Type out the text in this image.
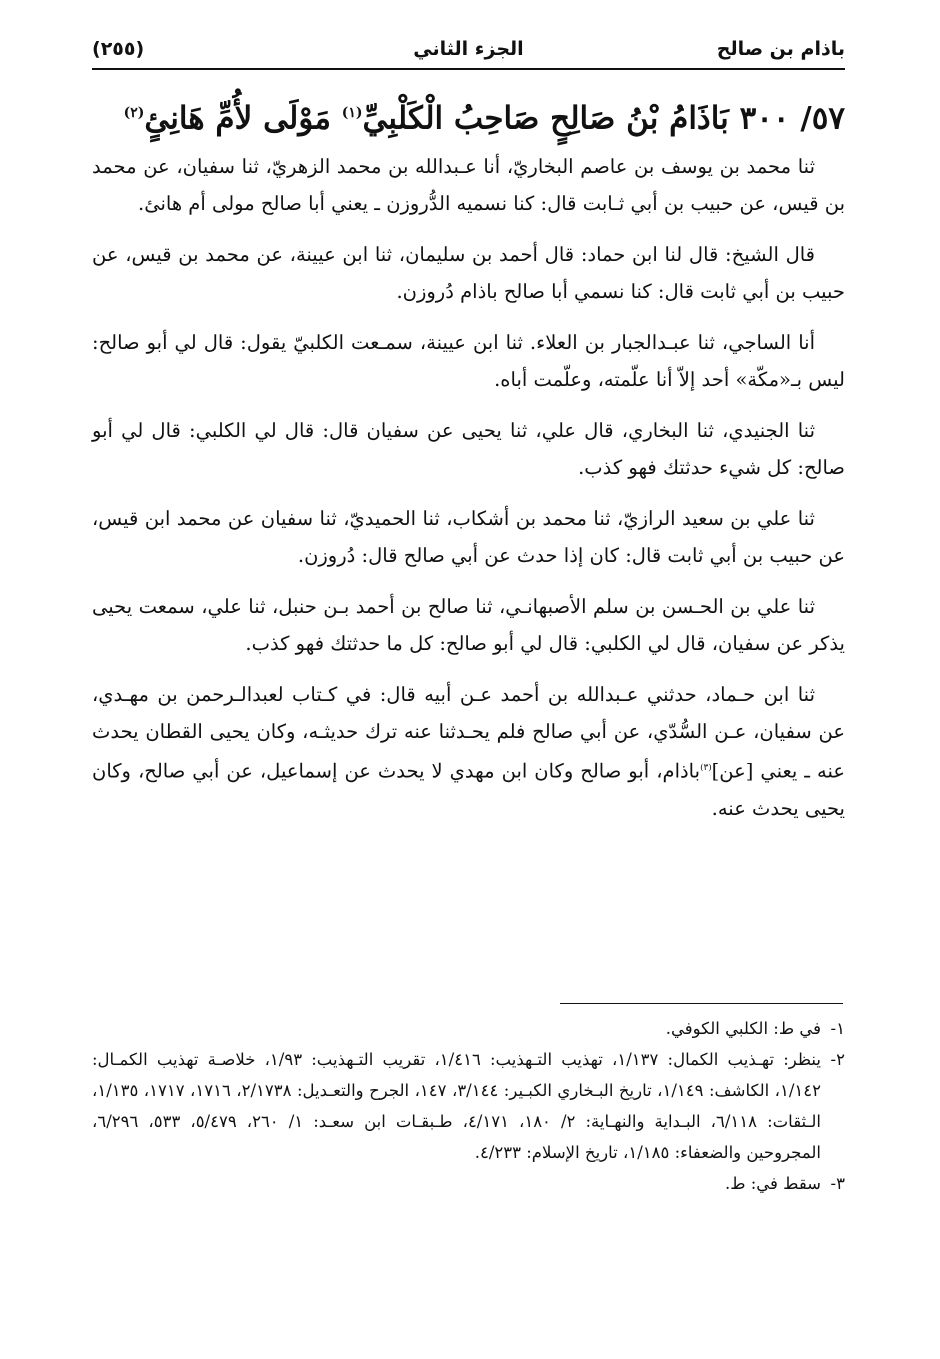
باذام بن صالح
الجزء الثاني
(٢٥٥)
٥٧/ ٣٠٠ بَاذَامُ بْنُ صَالِحٍ صَاحِبُ الْكَلْبِيِّ$^{(١)}$ مَوْلَى لأُمِّ هَانِئٍ$^{(٢)}$

ثنا محمد بن يوسف بن عاصم البخاريّ، أنا عـبدالله بن محمد الزهريّ، ثنا سفيان، عن محمد بن قيس، عن حبيب بن أبي ثـابت قال: كنا نسميه الدُّروزن ـ يعني أبا صالح مولى أم هانئ.

قال الشيخ: قال لنا ابن حماد: قال أحمد بن سليمان، ثنا ابن عيينة، عن محمد بن قيس، عن حبيب بن أبي ثابت قال: كنا نسمي أبا صالح باذام دُروزن.

أنا الساجي، ثنا عبـدالجبار بن العلاء. ثنا ابن عيينة، سمـعت الكلبيّ يقول: قال لي أبو صالح: ليس بـ«مكّة» أحد إلاّ أنا علّمته، وعلّمت أباه.

ثنا الجنيدي، ثنا البخاري، قال علي، ثنا يحيى عن سفيان قال: قال لي الكلبي: قال لي أبو صالح: كل شيء حدثتك فهو كذب.

ثنا علي بن سعيد الرازيّ، ثنا محمد بن أشكاب، ثنا الحميديّ، ثنا سفيان عن محمد ابن قيس، عن حبيب بن أبي ثابت قال: كان إذا حدث عن أبي صالح قال: دُروزن.

ثنا علي بن الحـسن بن سلم الأصبهانـي، ثنا صالح بن أحمد بـن حنبل، ثنا علي، سمعت يحيى يذكر عن سفيان، قال لي الكلبي: قال لي أبو صالح: كل ما حدثتك فهو كذب.

ثنا ابن حـماد، حدثني عـبدالله بن أحمد عـن أبيه قال: في كـتاب لعبدالـرحمن بن مهـدي، عن سفيان، عـن السُّدّي، عن أبي صالح فلم يحـدثنا عنه ترك حديثـه، وكان يحيى القطان يحدث عنه ـ يعني [عن]$^{(٣)}$باذام، أبو صالح وكان ابن مهدي لا يحدث عن إسماعيل، عن أبي صالح، وكان يحيى يحدث عنه.

١-
في ط: الكلبي الكوفي.
٢-
ينظر: تهـذيب الكمال: ١/١٣٧، تهذيب التـهذيب: ١/٤١٦، تقريب التـهذيب: ١/٩٣، خلاصـة تهذيب الكمـال: ١/١٤٢، الكاشف: ١/١٤٩، تاريخ البـخاري الكبـير: ٣/١٤٤، ١٤٧، الجرح والتعـديل: ٢/١٧٣٨، ١٧١٦، ١٧١٧، ١/١٣٥، الـثقات: ٦/١١٨، البـداية والنهـاية: ٢/ ١٨٠، ٤/١٧١، طـبقـات ابن سعـد: ١/ ٢٦٠، ٥/٤٧٩، ٥٣٣، ٦/٢٩٦، المجروحين والضعفاء: ١/١٨٥، تاريخ الإسلام: ٤/٢٣٣.
٣-
سقط في: ط.
